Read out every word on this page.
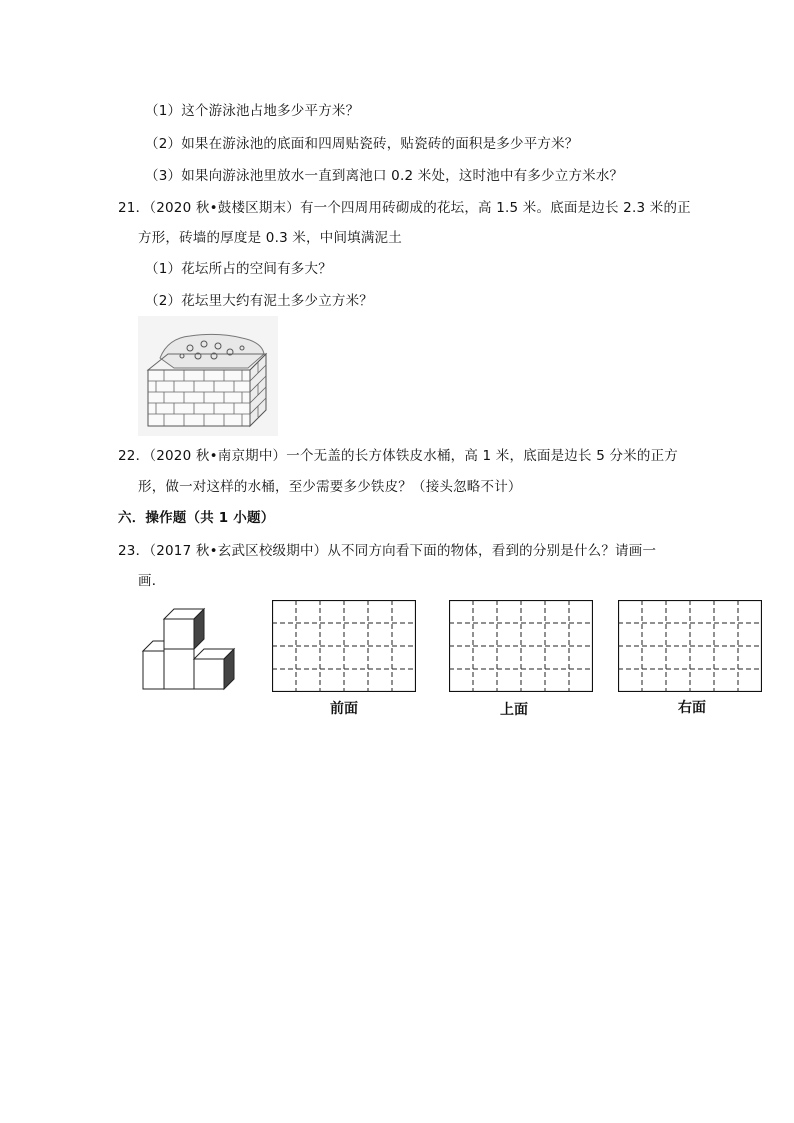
（1）这个游泳池占地多少平方米？
（2）如果在游泳池的底面和四周贴瓷砖，贴瓷砖的面积是多少平方米？
（3）如果向游泳池里放水一直到离池口 0.2 米处，这时池中有多少立方米水？
21．（2020 秋•鼓楼区期末）有一个四周用砖砌成的花坛，高 1.5 米。底面是边长 2.3 米的正
方形，砖墙的厚度是 0.3 米，中间填满泥土
（1）花坛所占的空间有多大？
（2）花坛里大约有泥土多少立方米？
22．（2020 秋•南京期中）一个无盖的长方体铁皮水桶，高 1 米，底面是边长 5 分米的正方
形，做一对这样的水桶，至少需要多少铁皮？（接头忽略不计）
六．操作题（共 1 小题）
23．（2017 秋•玄武区校级期中）从不同方向看下面的物体，看到的分别是什么？请画一
画．
前面	上面	右面
